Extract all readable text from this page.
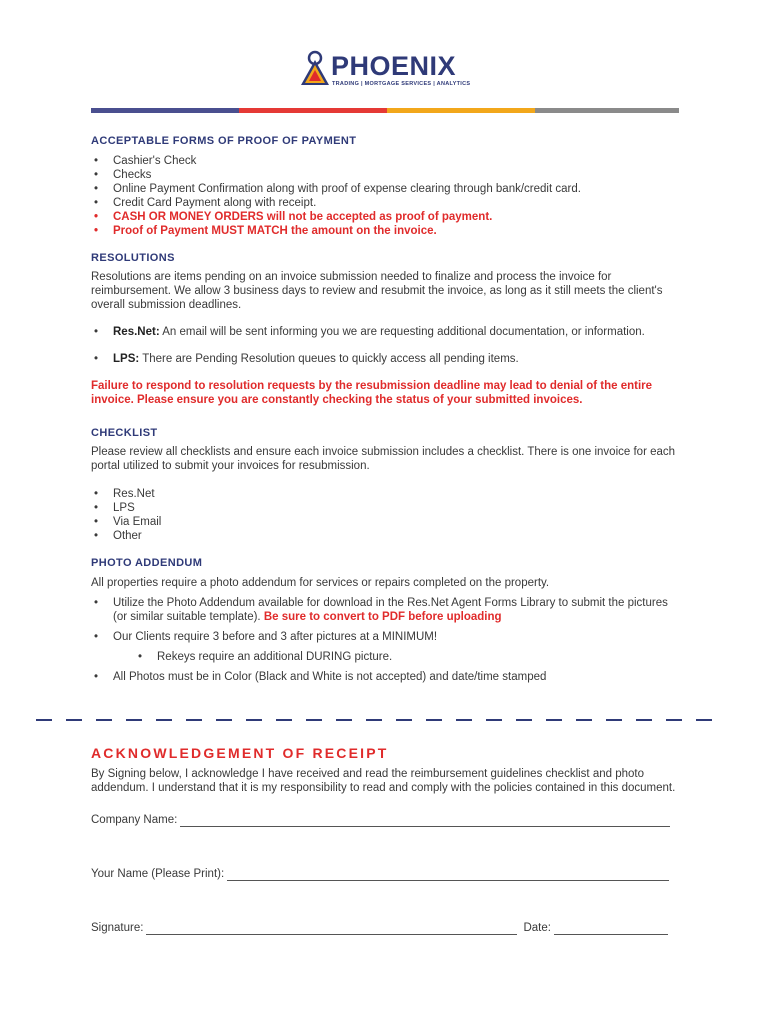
PHOENIX
TRADING | MORTGAGE SERVICES | ANALYTICS
ACCEPTABLE FORMS OF PROOF OF PAYMENT
• Cashier's Check
• Checks
• Online Payment Confirmation along with proof of expense clearing through bank/credit card.
• Credit Card Payment along with receipt.
• CASH OR MONEY ORDERS will not be accepted as proof of payment.
• Proof of Payment MUST MATCH the amount on the invoice.
RESOLUTIONS

Resolutions are items pending on an invoice submission needed to finalize and process the invoice for reimbursement. We allow 3 business days to review and resubmit the invoice, as long as it still meets the client's overall submission deadlines.

• Res.Net: An email will be sent informing you we are requesting additional documentation, or information.
• LPS: There are Pending Resolution queues to quickly access all pending items.

Failure to respond to resolution requests by the resubmission deadline may lead to denial of the entire invoice. Please ensure you are constantly checking the status of your submitted invoices.

CHECKLIST

Please review all checklists and ensure each invoice submission includes a checklist. There is one invoice for each portal utilized to submit your invoices for resubmission.

• Res.Net
• LPS
• Via Email
• Other
PHOTO ADDENDUM

All properties require a photo addendum for services or repairs completed on the property.

• Utilize the Photo Addendum available for download in the Res.Net Agent Forms Library to submit the pictures (or similar suitable template). Be sure to convert to PDF before uploading
• Our Clients require 3 before and 3 after pictures at a MINIMUM!
• Rekeys require an additional DURING picture.
• All Photos must be in Color (Black and White is not accepted) and date/time stamped
ACKNOWLEDGEMENT OF RECEIPT

By Signing below, I acknowledge I have received and read the reimbursement guidelines checklist and photo addendum. I understand that it is my responsibility to read and comply with the policies contained in this document.

Company Name:
Your Name (Please Print):
Signature:	Date:
